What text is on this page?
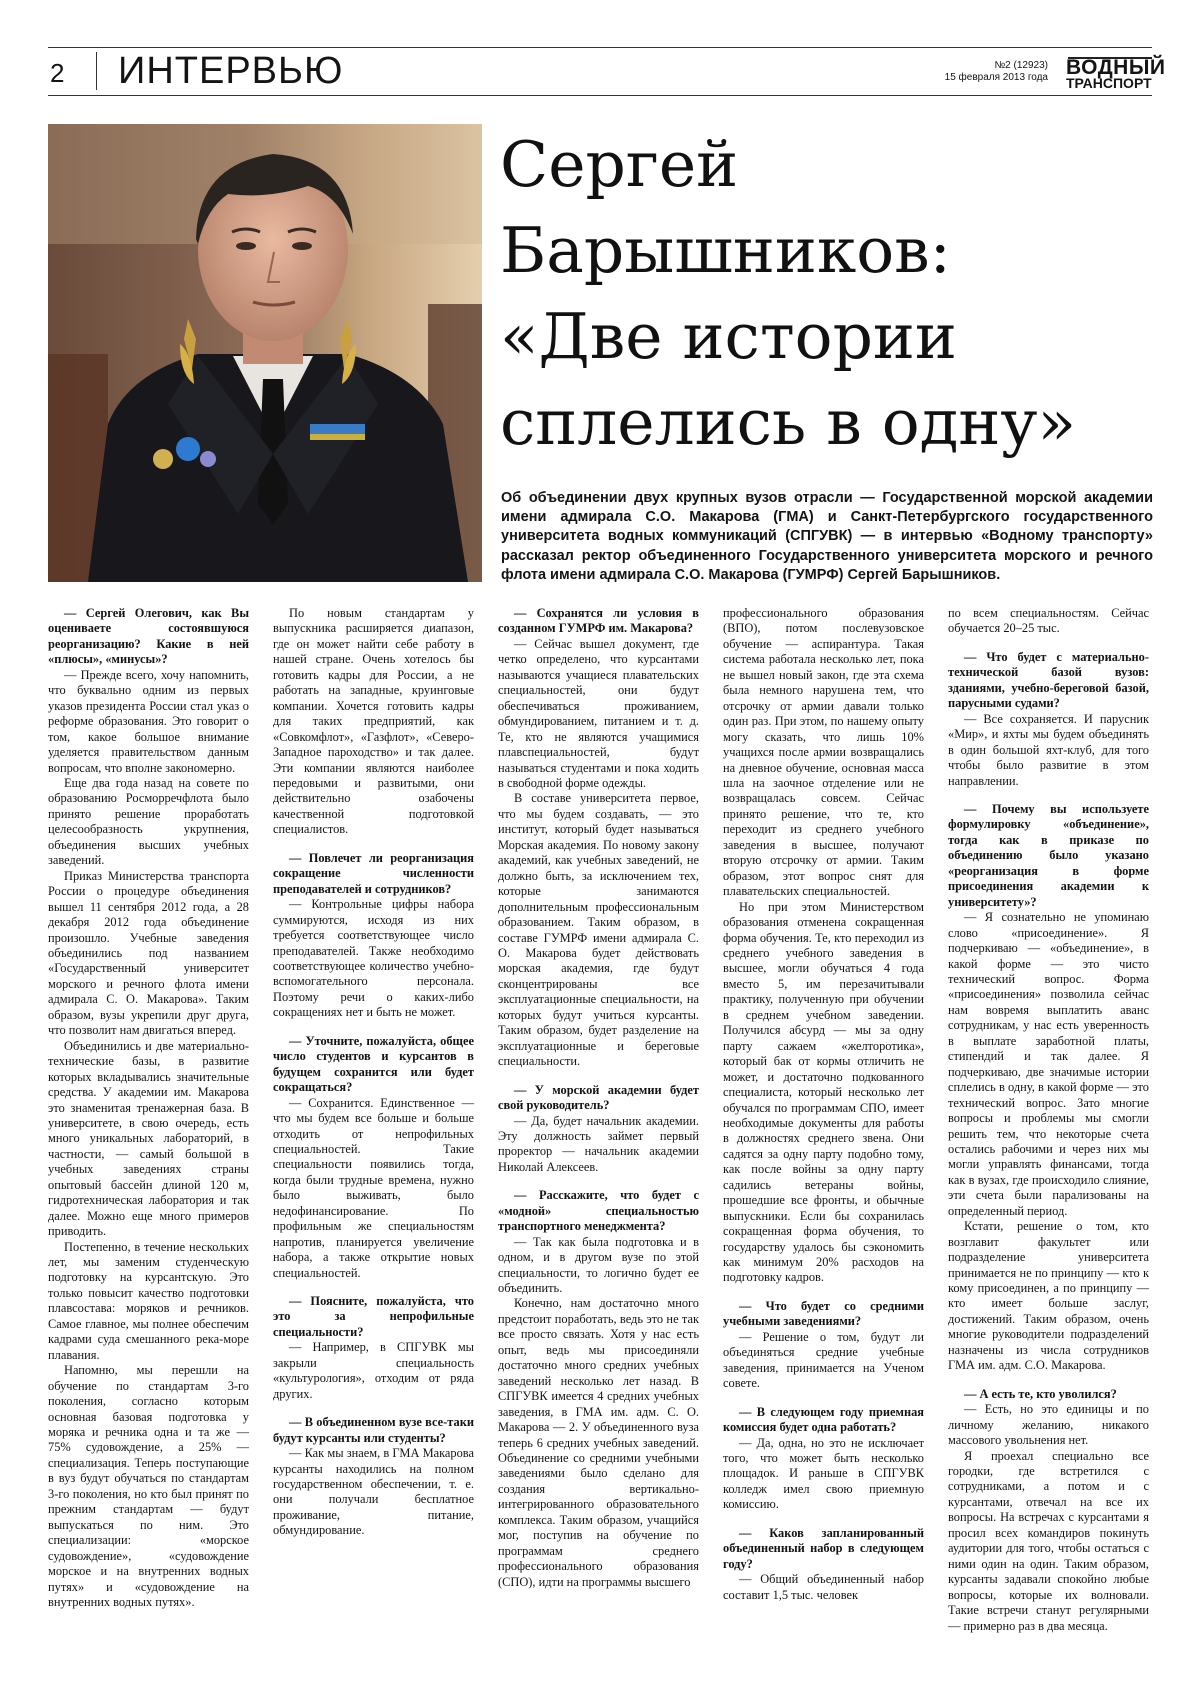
2 ИНТЕРВЬЮ	№2 (12923)
15 февраля 2013 года ВОДНЫЙ
ТРАНСПОРТ
Сергей
Барышников:
«Две истории
сплелись в одну»
Об объединении двух крупных вузов отрасли — Государственной морской академии имени адмирала С.О. Макарова (ГМА) и Санкт-Петербургского государственного университета водных коммуникаций (СПГУВК) — в интервью «Водному транспорту» рассказал ректор объединенного Государственного университета морского и речного флота имени адмирала С.О. Макарова (ГУМРФ) Сергей Барышников.

— Сергей Олегович, как Вы оцениваете состоявшуюся реорганизацию? Какие в ней «плюсы», «минусы»?

— Прежде всего, хочу напомнить, что буквально одним из первых указов президента России стал указ о реформе образования. Это говорит о том, какое большое внимание уделяется правительством данным вопросам, что вполне закономерно.

Еще два года назад на совете по образованию Росморречфлота было принято решение проработать целесообразность укрупнения, объединения высших учебных заведений.

Приказ Министерства транспорта России о процедуре объединения вышел 11 сентября 2012 года, а 28 декабря 2012 года объединение произошло. Учебные заведения объединились под названием «Государственный университет морского и речного флота имени адмирала С. О. Макарова». Таким образом, вузы укрепили друг друга, что позволит нам двигаться вперед.

Объединились и две материально-технические базы, в развитие которых вкладывались значительные средства. У академии им. Макарова это знаменитая тренажерная база. В университете, в свою очередь, есть много уникальных лабораторий, в частности, — самый большой в учебных заведениях страны опытовый бассейн длиной 120 м, гидротехническая лаборатория и так далее. Можно еще много примеров приводить.

Постепенно, в течение нескольких лет, мы заменим студенческую подготовку на курсантскую. Это только повысит качество подготовки плавсостава: моряков и речников. Самое главное, мы полнее обеспечим кадрами суда смешанного река-море плавания.

Напомню, мы перешли на обучение по стандартам 3-го поколения, согласно которым основная базовая подготовка у моряка и речника одна и та же — 75% судовождение, а 25% — специализация. Теперь поступающие в вуз будут обучаться по стандартам 3-го поколения, но кто был принят по прежним стандартам — будут выпускаться по ним. Это специализации: «морское судовождение», «судовождение морское и на внутренних водных путях» и «судовождение на внутренних водных путях».

По новым стандартам у выпускника расширяется диапазон, где он может найти себе работу в нашей стране. Очень хотелось бы готовить кадры для России, а не работать на западные, круинговые компании. Хочется готовить кадры для таких предприятий, как «Совкомфлот», «Газфлот», «Северо-Западное пароходство» и так далее. Эти компании являются наиболее передовыми и развитыми, они действительно озабочены качественной подготовкой специалистов.

— Повлечет ли реорганизация сокращение численности преподавателей и сотрудников?

— Контрольные цифры набора суммируются, исходя из них требуется соответствующее число преподавателей. Также необходимо соответствующее количество учебно-вспомогательного персонала. Поэтому речи о каких-либо сокращениях нет и быть не может.

— Уточните, пожалуйста, общее число студентов и курсантов в будущем сохранится или будет сокращаться?

— Сохранится. Единственное — что мы будем все больше и больше отходить от непрофильных специальностей. Такие специальности появились тогда, когда были трудные времена, нужно было выживать, было недофинансирование. По профильным же специальностям напротив, планируется увеличение набора, а также открытие новых специальностей.

— Поясните, пожалуйста, что это за непрофильные специальности?

— Например, в СПГУВК мы закрыли специальность «культурология», отходим от ряда других.

— В объединенном вузе все-таки будут курсанты или студенты?

— Как мы знаем, в ГМА Макарова курсанты находились на полном государственном обеспечении, т. е. они получали бесплатное проживание, питание, обмундирование.

— Сохранятся ли условия в созданном ГУМРФ им. Макарова?

— Сейчас вышел документ, где четко определено, что курсантами называются учащиеся плавательских специальностей, они будут обеспечиваться проживанием, обмундированием, питанием и т. д. Те, кто не являются учащимися плавспециальностей, будут называться студентами и пока ходить в свободной форме одежды.

В составе университета первое, что мы будем создавать, — это институт, который будет называться Морская академия. По новому закону академий, как учебных заведений, не должно быть, за исключением тех, которые занимаются дополнительным профессиональным образованием. Таким образом, в составе ГУМРФ имени адмирала С. О. Макарова будет действовать морская академия, где будут сконцентрированы все эксплуатационные специальности, на которых будут учиться курсанты. Таким образом, будет разделение на эксплуатационные и береговые специальности.

— У морской академии будет свой руководитель?

— Да, будет начальник академии. Эту должность займет первый проректор — начальник академии Николай Алексеев.

— Расскажите, что будет с «модной» специальностью транспортного менеджмента?

— Так как была подготовка и в одном, и в другом вузе по этой специальности, то логично будет ее объединить.

Конечно, нам достаточно много предстоит поработать, ведь это не так все просто связать. Хотя у нас есть опыт, ведь мы присоединяли достаточно много средних учебных заведений несколько лет назад. В СПГУВК имеется 4 средних учебных заведения, в ГМА им. адм. С. О. Макарова — 2. У объединенного вуза теперь 6 средних учебных заведений. Объединение со средними учебными заведениями было сделано для создания вертикально-интегрированного образовательного комплекса. Таким образом, учащийся мог, поступив на обучение по программам среднего профессионального образования (СПО), идти на программы высшего

профессионального образования (ВПО), потом послевузовское обучение — аспирантура. Такая система работала несколько лет, пока не вышел новый закон, где эта схема была немного нарушена тем, что отсрочку от армии давали только один раз. При этом, по нашему опыту могу сказать, что лишь 10% учащихся после армии возвращались на дневное обучение, основная масса шла на заочное отделение или не возвращалась совсем. Сейчас принято решение, что те, кто переходит из среднего учебного заведения в высшее, получают вторую отсрочку от армии. Таким образом, этот вопрос снят для плавательских специальностей.

Но при этом Министерством образования отменена сокращенная форма обучения. Те, кто переходил из среднего учебного заведения в высшее, могли обучаться 4 года вместо 5, им перезачитывали практику, полученную при обучении в среднем учебном заведении. Получился абсурд — мы за одну парту сажаем «желторотика», который бак от кормы отличить не может, и достаточно подкованного специалиста, который несколько лет обучался по программам СПО, имеет необходимые документы для работы в должностях среднего звена. Они садятся за одну парту подобно тому, как после войны за одну парту садились ветераны войны, прошедшие все фронты, и обычные выпускники. Если бы сохранилась сокращенная форма обучения, то государству удалось бы сэкономить как минимум 20% расходов на подготовку кадров.

— Что будет со средними учебными заведениями?

— Решение о том, будут ли объединяться средние учебные заведения, принимается на Ученом совете.

— В следующем году приемная комиссия будет одна работать?

— Да, одна, но это не исключает того, что может быть несколько площадок. И раньше в СПГУВК колледж имел свою приемную комиссию.

— Каков запланированный объединенный набор в следующем году?

— Общий объединенный набор составит 1,5 тыс. человек

по всем специальностям. Сейчас обучается 20–25 тыс.

— Что будет с материально-технической базой вузов: зданиями, учебно-береговой базой, парусными судами?

— Все сохраняется. И парусник «Мир», и яхты мы будем объединять в один большой яхт-клуб, для того чтобы было развитие в этом направлении.

— Почему вы используете формулировку «объединение», тогда как в приказе по объединению было указано «реорганизация в форме присоединения академии к университету»?

— Я сознательно не упоминаю слово «присоединение». Я подчеркиваю — «объединение», в какой форме — это чисто технический вопрос. Форма «присоединения» позволила сейчас нам вовремя выплатить аванс сотрудникам, у нас есть уверенность в выплате заработной платы, стипендий и так далее. Я подчеркиваю, две значимые истории сплелись в одну, в какой форме — это технический вопрос. Зато многие вопросы и проблемы мы смогли решить тем, что некоторые счета остались рабочими и через них мы могли управлять финансами, тогда как в вузах, где происходило слияние, эти счета были парализованы на определенный период.

Кстати, решение о том, кто возглавит факультет или подразделение университета принимается не по принципу — кто к кому присоединен, а по принципу — кто имеет больше заслуг, достижений. Таким образом, очень многие руководители подразделений назначены из числа сотрудников ГМА им. адм. С.О. Макарова.

— А есть те, кто уволился?

— Есть, но это единицы и по личному желанию, никакого массового увольнения нет.

Я проехал специально все городки, где встретился с сотрудниками, а потом и с курсантами, отвечал на все их вопросы. На встречах с курсантами я просил всех командиров покинуть аудитории для того, чтобы остаться с ними один на один. Таким образом, курсанты задавали спокойно любые вопросы, которые их волновали. Такие встречи станут регулярными — примерно раз в два месяца.
